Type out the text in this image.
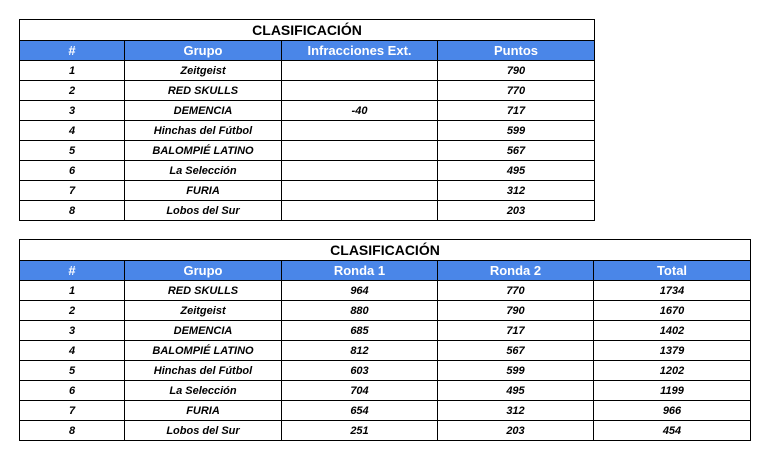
CLASIFICACIÓN			
#	Grupo	Infracciones Ext.	Puntos
1	Zeitgeist		790
2	RED SKULLS		770
3	DEMENCIA	-40	717
4	Hinchas del Fútbol		599
5	BALOMPIÉ LATINO		567
6	La Selección		495
7	FURIA		312
8	Lobos del Sur		203
CLASIFICACIÓN				
#	Grupo	Ronda 1	Ronda 2	Total
1	RED SKULLS	964	770	1734
2	Zeitgeist	880	790	1670
3	DEMENCIA	685	717	1402
4	BALOMPIÉ LATINO	812	567	1379
5	Hinchas del Fútbol	603	599	1202
6	La Selección	704	495	1199
7	FURIA	654	312	966
8	Lobos del Sur	251	203	454
